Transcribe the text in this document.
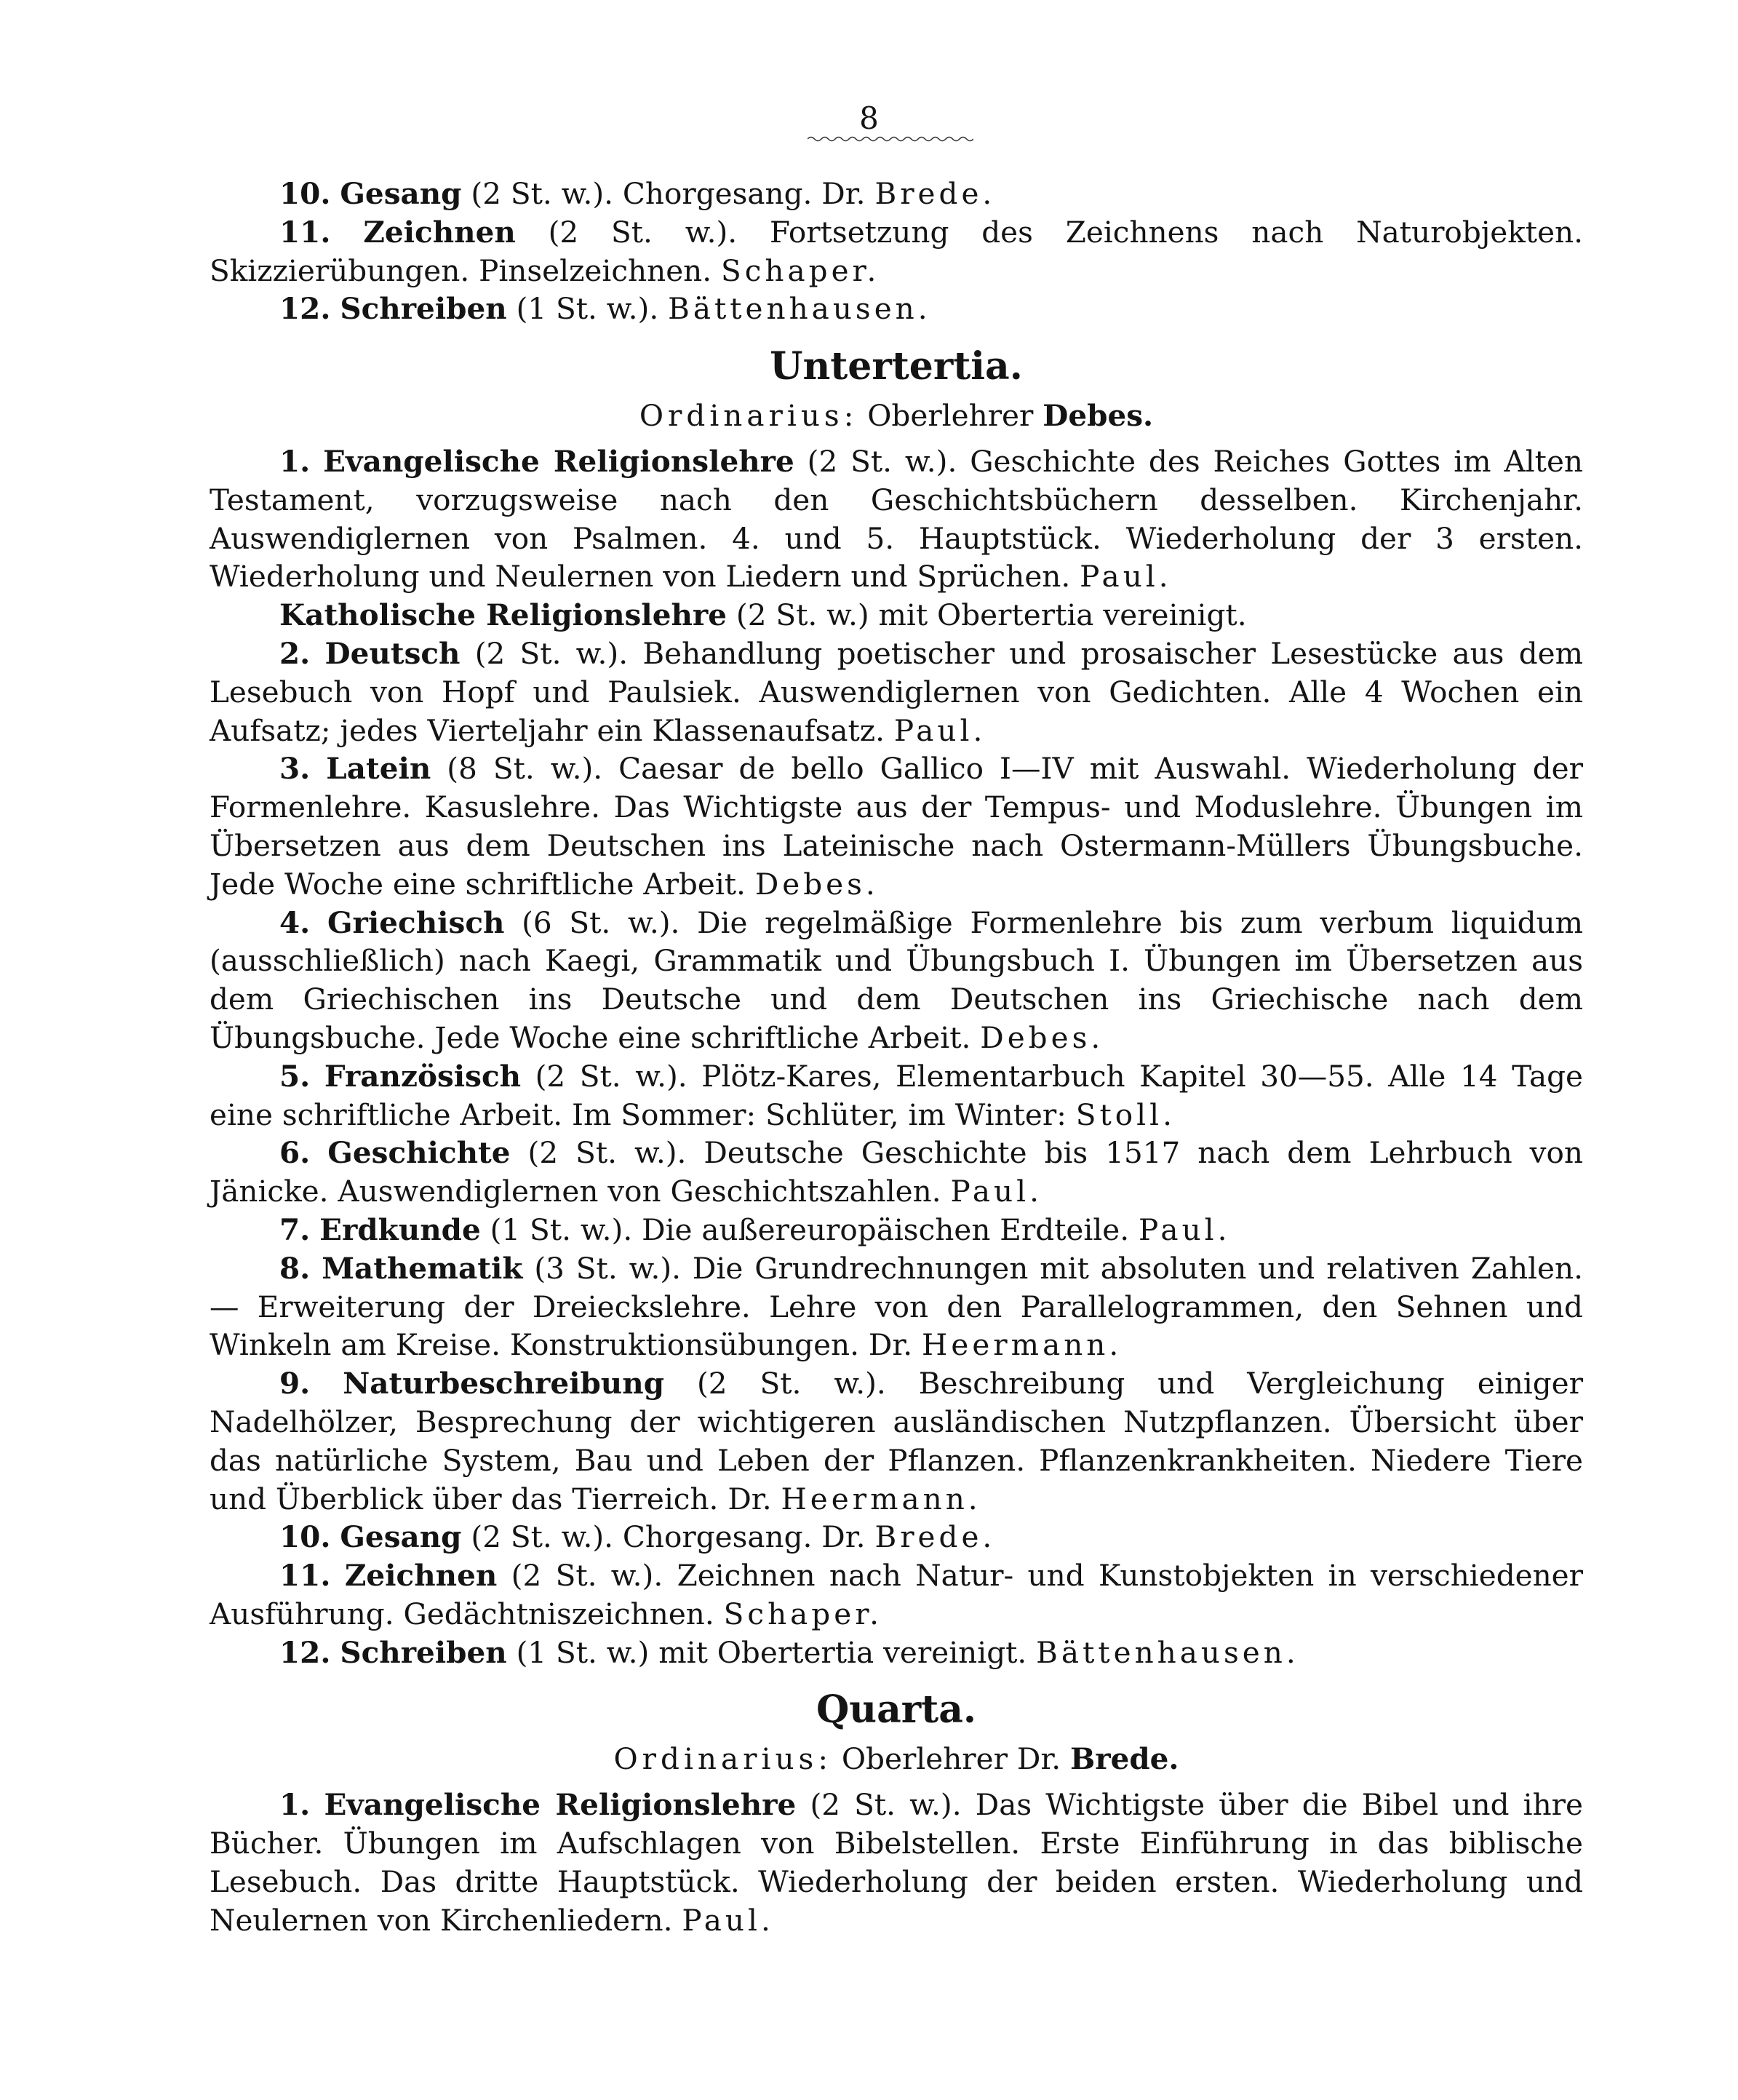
8

10. Gesang (2 St. w.). Chorgesang. Dr. Brede.

11. Zeichnen (2 St. w.). Fortsetzung des Zeichnens nach Naturobjekten. Skizzierübungen. Pinselzeichnen. Schaper.

12. Schreiben (1 St. w.). Bättenhausen.

Untertertia.
Ordinarius: Oberlehrer Debes.

1. Evangelische Religionslehre (2 St. w.). Geschichte des Reiches Gottes im Alten Testament, vorzugsweise nach den Geschichtsbüchern desselben. Kirchenjahr. Auswendiglernen von Psalmen. 4. und 5. Hauptstück. Wiederholung der 3 ersten. Wiederholung und Neulernen von Liedern und Sprüchen. Paul.

Katholische Religionslehre (2 St. w.) mit Obertertia vereinigt.

2. Deutsch (2 St. w.). Behandlung poetischer und prosaischer Lesestücke aus dem Lesebuch von Hopf und Paulsiek. Auswendiglernen von Gedichten. Alle 4 Wochen ein Aufsatz; jedes Vierteljahr ein Klassenaufsatz. Paul.

3. Latein (8 St. w.). Caesar de bello Gallico I—IV mit Auswahl. Wiederholung der Formenlehre. Kasuslehre. Das Wichtigste aus der Tempus- und Moduslehre. Übungen im Übersetzen aus dem Deutschen ins Lateinische nach Ostermann-Müllers Übungsbuche. Jede Woche eine schriftliche Arbeit. Debes.

4. Griechisch (6 St. w.). Die regelmäßige Formenlehre bis zum verbum liquidum (ausschließlich) nach Kaegi, Grammatik und Übungsbuch I. Übungen im Übersetzen aus dem Griechischen ins Deutsche und dem Deutschen ins Griechische nach dem Übungsbuche. Jede Woche eine schriftliche Arbeit. Debes.

5. Französisch (2 St. w.). Plötz-Kares, Elementarbuch Kapitel 30—55. Alle 14 Tage eine schriftliche Arbeit. Im Sommer: Schlüter, im Winter: Stoll.

6. Geschichte (2 St. w.). Deutsche Geschichte bis 1517 nach dem Lehrbuch von Jänicke. Auswendiglernen von Geschichtszahlen. Paul.

7. Erdkunde (1 St. w.). Die außereuropäischen Erdteile. Paul.

8. Mathematik (3 St. w.). Die Grundrechnungen mit absoluten und relativen Zahlen. — Erweiterung der Dreieckslehre. Lehre von den Parallelogrammen, den Sehnen und Winkeln am Kreise. Konstruktionsübungen. Dr. Heermann.

9. Naturbeschreibung (2 St. w.). Beschreibung und Vergleichung einiger Nadelhölzer, Besprechung der wichtigeren ausländischen Nutzpflanzen. Übersicht über das natürliche System, Bau und Leben der Pflanzen. Pflanzenkrankheiten. Niedere Tiere und Überblick über das Tierreich. Dr. Heermann.

10. Gesang (2 St. w.). Chorgesang. Dr. Brede.

11. Zeichnen (2 St. w.). Zeichnen nach Natur- und Kunstobjekten in verschiedener Ausführung. Gedächtniszeichnen. Schaper.

12. Schreiben (1 St. w.) mit Obertertia vereinigt. Bättenhausen.

Quarta.
Ordinarius: Oberlehrer Dr. Brede.

1. Evangelische Religionslehre (2 St. w.). Das Wichtigste über die Bibel und ihre Bücher. Übungen im Aufschlagen von Bibelstellen. Erste Einführung in das biblische Lesebuch. Das dritte Hauptstück. Wiederholung der beiden ersten. Wiederholung und Neulernen von Kirchenliedern. Paul.
